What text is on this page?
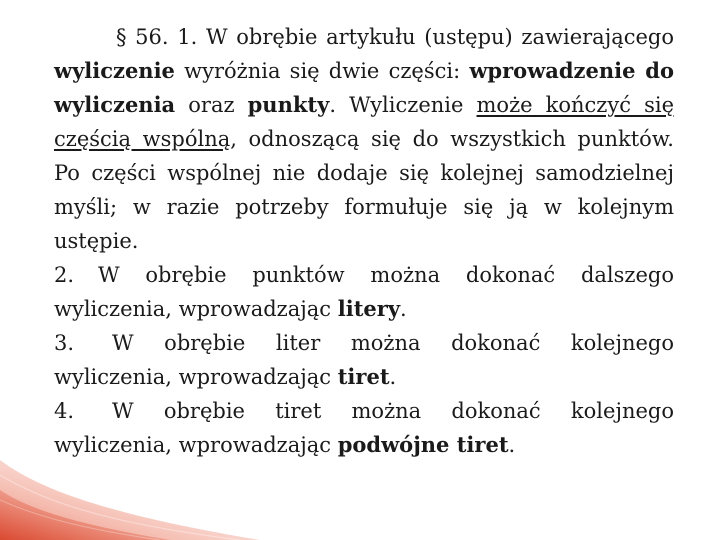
§ 56. 1. W obrębie artykułu (ustępu) zawierającego wyliczenie wyróżnia się dwie części: wprowadzenie do wyliczenia oraz punkty. Wyliczenie może kończyć się częścią wspólną, odnoszącą się do wszystkich punktów. Po części wspólnej nie dodaje się kolejnej samodzielnej myśli; w razie potrzeby formułuje się ją w kolejnym ustępie.

2. W obrębie punktów można dokonać dalszego wyliczenia, wprowadzając litery.

3. W obrębie liter można dokonać kolejnego wyliczenia, wprowadzając tiret.

4. W obrębie tiret można dokonać kolejnego wyliczenia, wprowadzając podwójne tiret.
